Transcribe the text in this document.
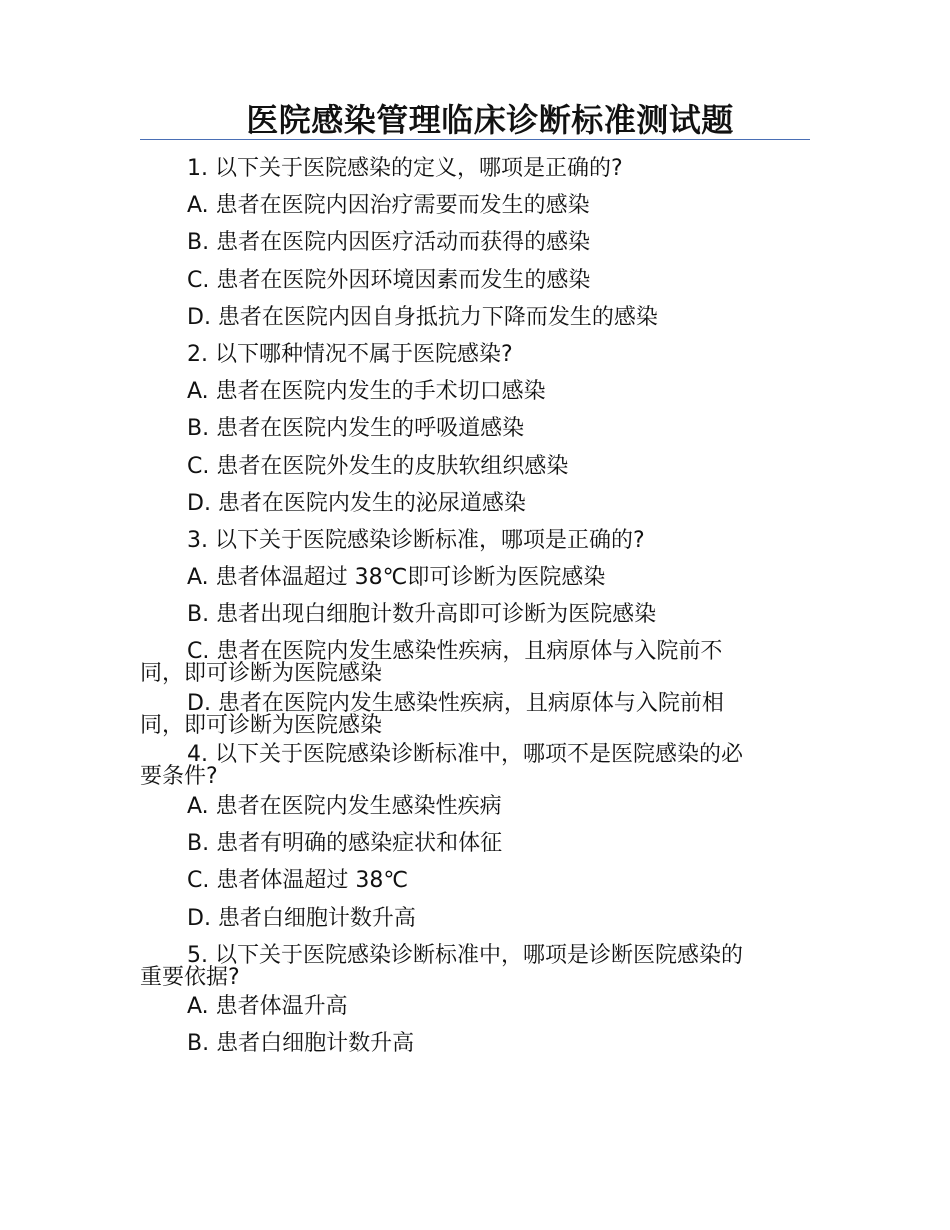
医院感染管理临床诊断标准测试题
1. 以下关于医院感染的定义，哪项是正确的?
A. 患者在医院内因治疗需要而发生的感染
B. 患者在医院内因医疗活动而获得的感染
C. 患者在医院外因环境因素而发生的感染
D. 患者在医院内因自身抵抗力下降而发生的感染
2. 以下哪种情况不属于医院感染?
A. 患者在医院内发生的手术切口感染
B. 患者在医院内发生的呼吸道感染
C. 患者在医院外发生的皮肤软组织感染
D. 患者在医院内发生的泌尿道感染
3. 以下关于医院感染诊断标准，哪项是正确的?
A. 患者体温超过 38℃即可诊断为医院感染
B. 患者出现白细胞计数升高即可诊断为医院感染
C. 患者在医院内发生感染性疾病，且病原体与入院前不
同，即可诊断为医院感染
D. 患者在医院内发生感染性疾病，且病原体与入院前相
同，即可诊断为医院感染
4. 以下关于医院感染诊断标准中，哪项不是医院感染的必
要条件?
A. 患者在医院内发生感染性疾病
B. 患者有明确的感染症状和体征
C. 患者体温超过 38℃
D. 患者白细胞计数升高
5. 以下关于医院感染诊断标准中，哪项是诊断医院感染的
重要依据?
A. 患者体温升高
B. 患者白细胞计数升高
